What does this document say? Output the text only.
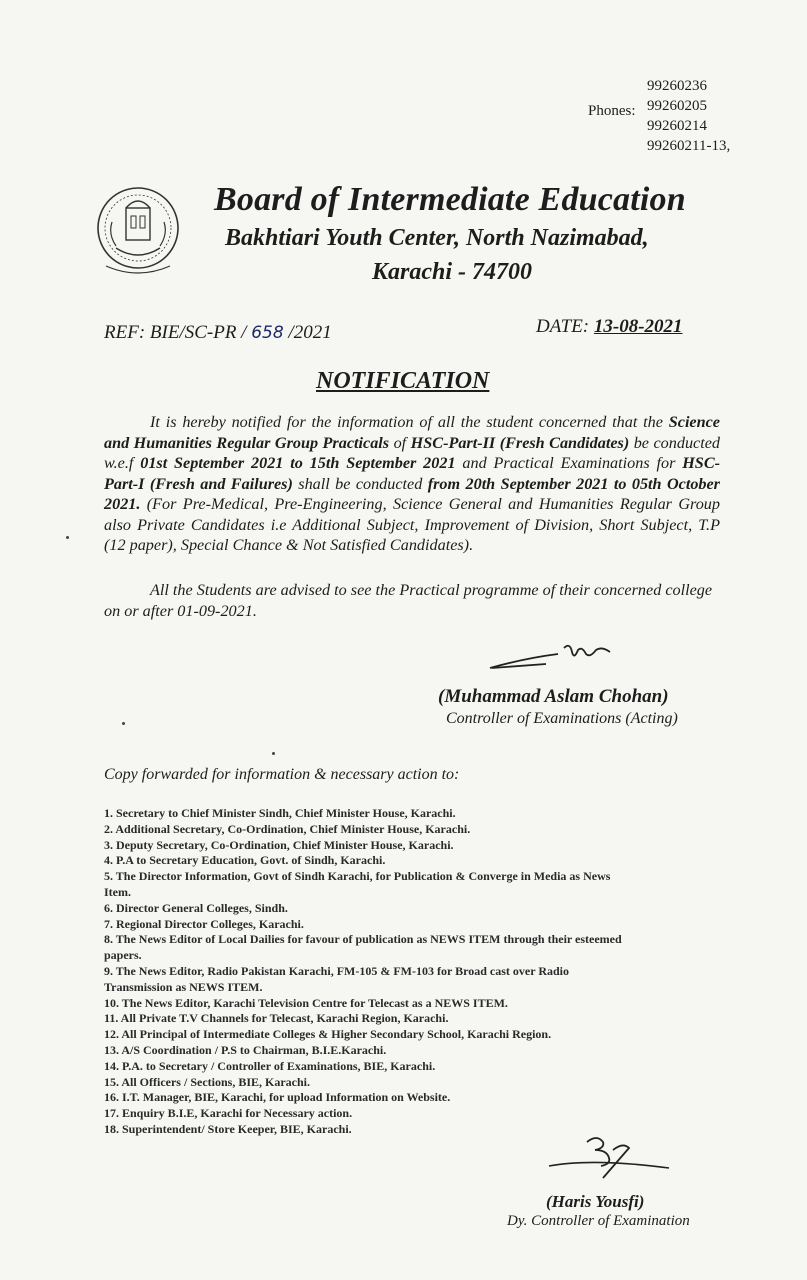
Phones:
99260236
99260205
99260214
99260211-13,
Board of Intermediate Education
Bakhtiari Youth Center, North Nazimabad,
Karachi - 74700
REF: BIE/SC-PR / 658 /2021	DATE: 13-08-2021
NOTIFICATION
It is hereby notified for the information of all the student concerned that the Science and Humanities Regular Group Practicals of HSC-Part-II (Fresh Candidates) be conducted w.e.f 01st September 2021 to 15th September 2021 and Practical Examinations for HSC-Part-I (Fresh and Failures) shall be conducted from 20th September 2021 to 05th October 2021. (For Pre-Medical, Pre-Engineering, Science General and Humanities Regular Group also Private Candidates i.e Additional Subject, Improvement of Division, Short Subject, T.P (12 paper), Special Chance & Not Satisfied Candidates).
All the Students are advised to see the Practical programme of their concerned college on or after 01-09-2021.
(Muhammad Aslam Chohan)
Controller of Examinations (Acting)
Copy forwarded for information & necessary action to:
1. Secretary to Chief Minister Sindh, Chief Minister House, Karachi.
2. Additional Secretary, Co-Ordination, Chief Minister House, Karachi.
3. Deputy Secretary, Co-Ordination, Chief Minister House, Karachi.
4. P.A to Secretary Education, Govt. of Sindh, Karachi.
5. The Director Information, Govt of Sindh Karachi, for Publication & Converge in Media as News
Item.
6. Director General Colleges, Sindh.
7. Regional Director Colleges, Karachi.
8. The News Editor of Local Dailies for favour of publication as NEWS ITEM through their esteemed
papers.
9. The News Editor, Radio Pakistan Karachi, FM-105 & FM-103 for Broad cast over Radio
Transmission as NEWS ITEM.
10. The News Editor, Karachi Television Centre for Telecast as a NEWS ITEM.
11. All Private T.V Channels for Telecast, Karachi Region, Karachi.
12. All Principal of Intermediate Colleges & Higher Secondary School, Karachi Region.
13. A/S Coordination / P.S to Chairman, B.I.E.Karachi.
14. P.A. to Secretary / Controller of Examinations, BIE, Karachi.
15. All Officers / Sections, BIE, Karachi.
16. I.T. Manager, BIE, Karachi, for upload Information on Website.
17. Enquiry B.I.E, Karachi for Necessary action.
18. Superintendent/ Store Keeper, BIE, Karachi.
(Haris Yousfi)
Dy. Controller of Examination
